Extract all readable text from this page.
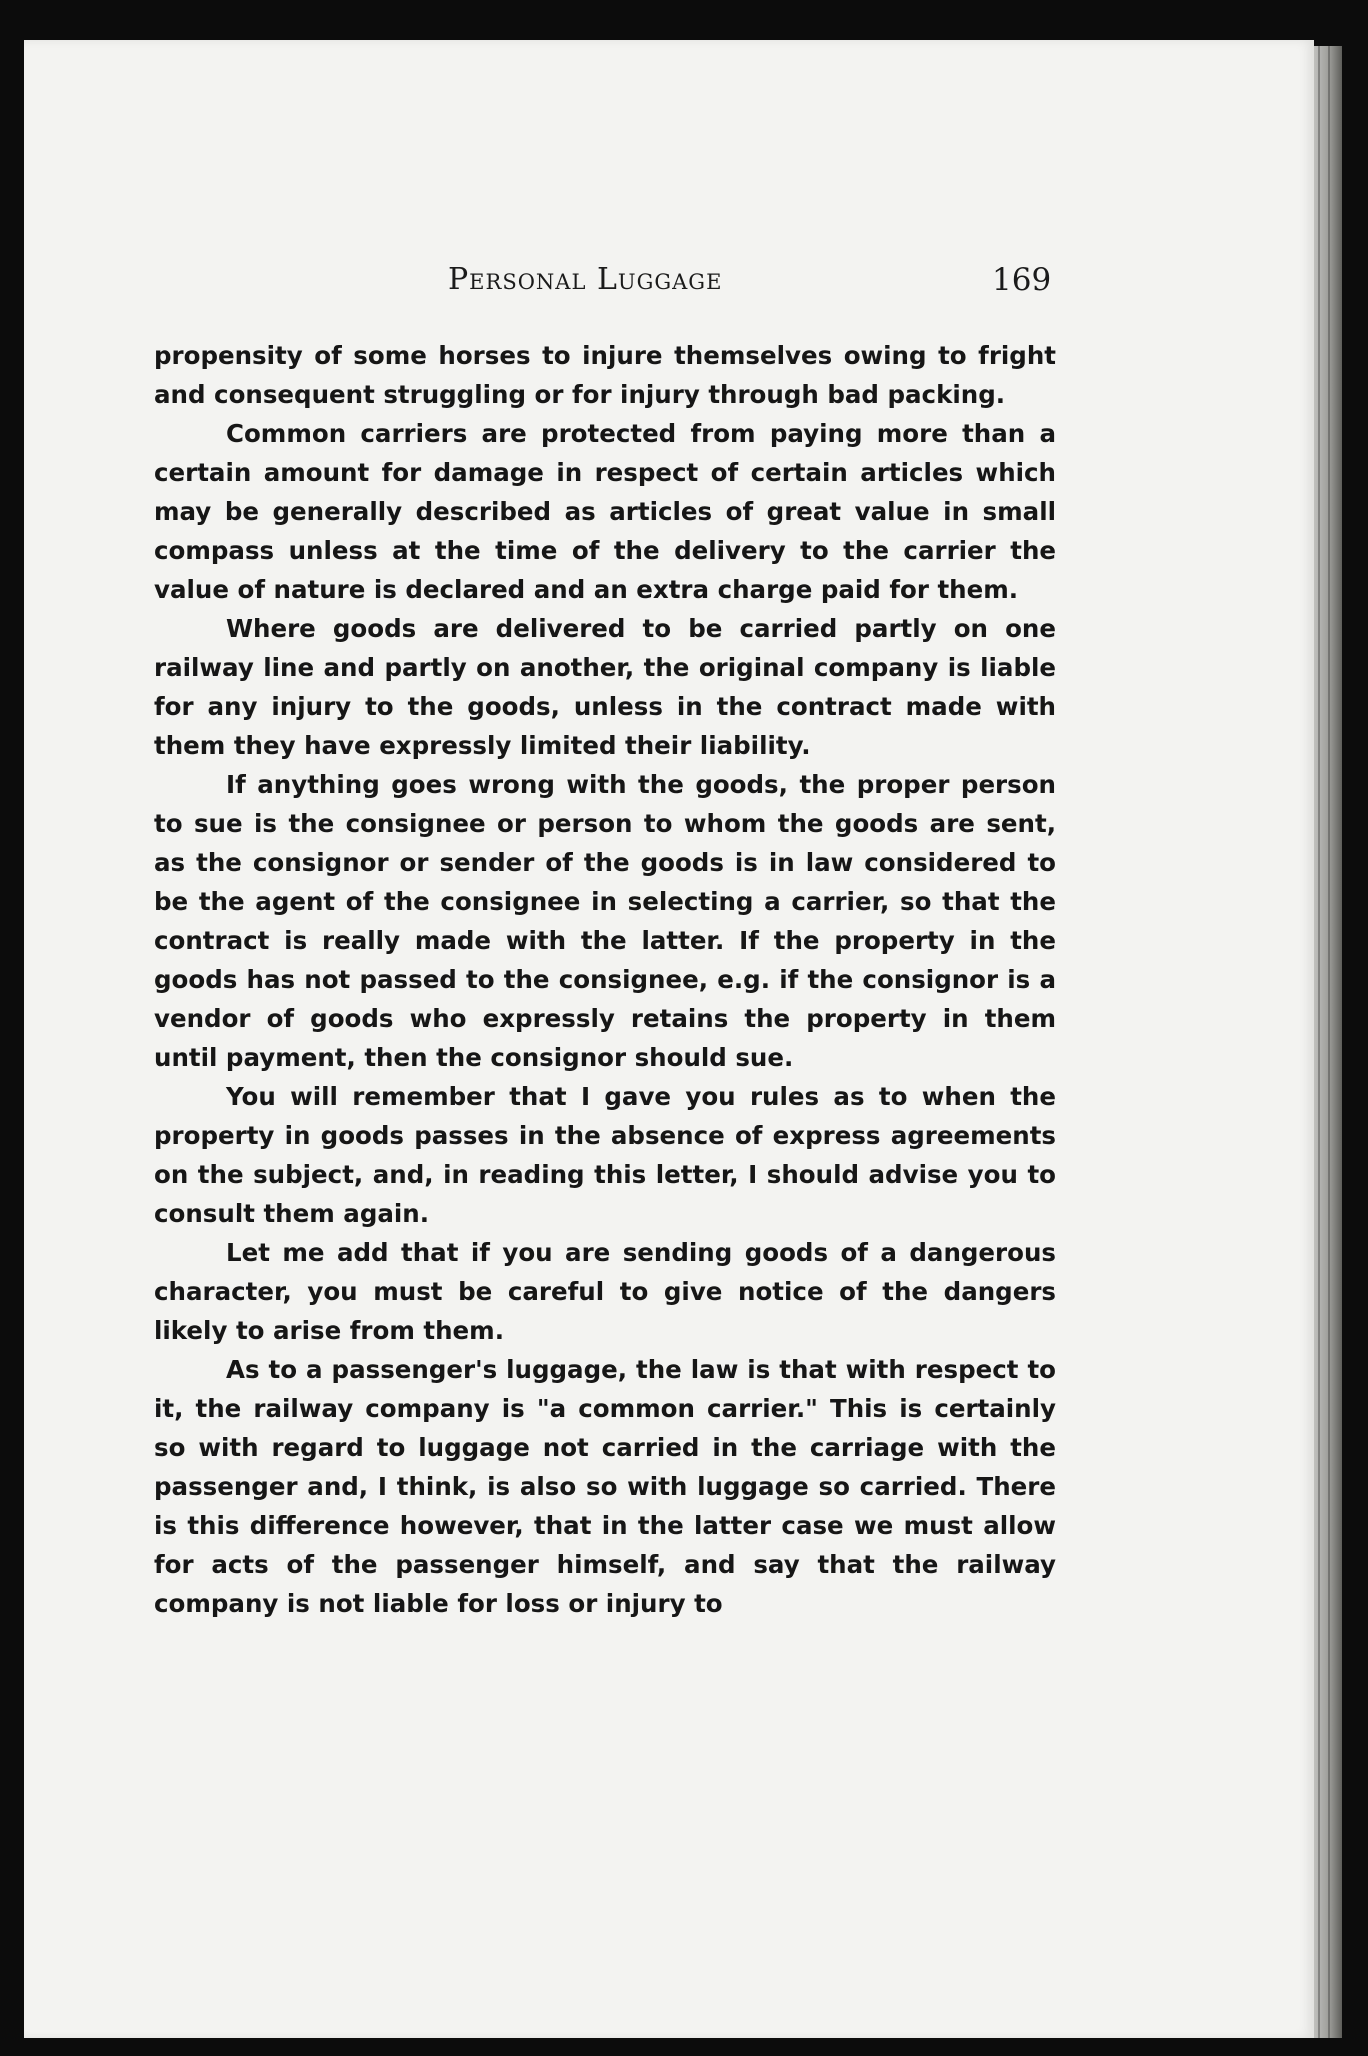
Personal Luggage	169

propensity of some horses to injure themselves owing to fright and consequent struggling or for injury through bad packing.

Common carriers are protected from paying more than a certain amount for damage in respect of certain articles which may be generally described as articles of great value in small compass unless at the time of the delivery to the carrier the value of nature is declared and an extra charge paid for them.

Where goods are delivered to be carried partly on one railway line and partly on another, the original company is liable for any injury to the goods, unless in the contract made with them they have expressly limited their liability.

If anything goes wrong with the goods, the proper person to sue is the consignee or person to whom the goods are sent, as the consignor or sender of the goods is in law considered to be the agent of the consignee in selecting a carrier, so that the contract is really made with the latter. If the property in the goods has not passed to the consignee, e.g. if the consignor is a vendor of goods who expressly retains the property in them until payment, then the consignor should sue.

You will remember that I gave you rules as to when the property in goods passes in the absence of express agreements on the subject, and, in reading this letter, I should advise you to consult them again.

Let me add that if you are sending goods of a dangerous character, you must be careful to give notice of the dangers likely to arise from them.

As to a passenger's luggage, the law is that with respect to it, the railway company is "a common carrier." This is certainly so with regard to luggage not carried in the carriage with the passenger and, I think, is also so with luggage so carried. There is this difference however, that in the latter case we must allow for acts of the passenger himself, and say that the railway company is not liable for loss or injury to
